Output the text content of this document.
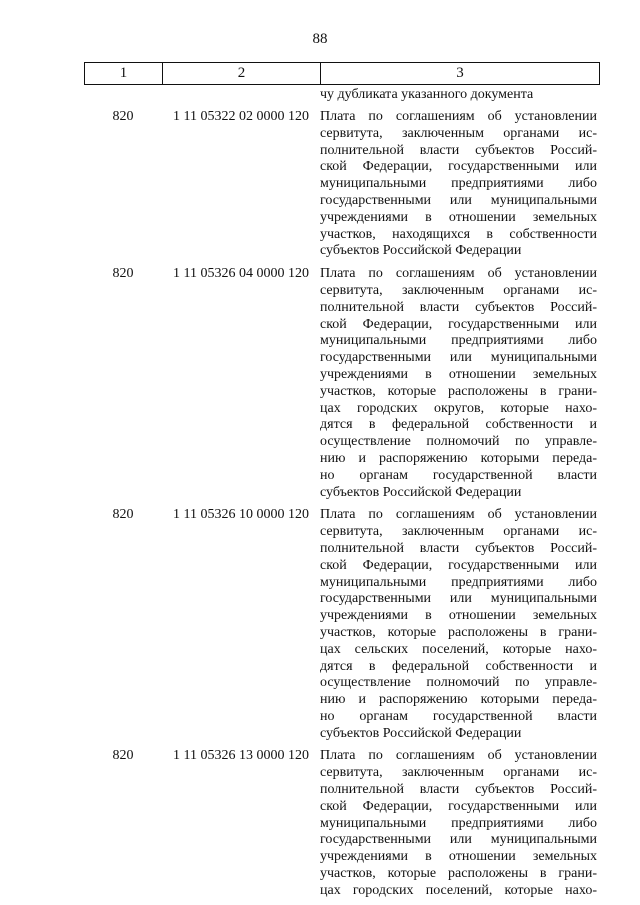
88
1	2	3
чу дубликата указанного документа
820	1 11 05322 02 0000 120 Плата по соглашениям об установлении
сервитута, заключенным органами ис-
полнительной власти субъектов Россий-
ской Федерации, государственными или
муниципальными предприятиями либо
государственными или муниципальными
учреждениями в отношении земельных
участков, находящихся в собственности
субъектов Российской Федерации
820	1 11 05326 04 0000 120 Плата по соглашениям об установлении
сервитута, заключенным органами ис-
полнительной власти субъектов Россий-
ской Федерации, государственными или
муниципальными предприятиями либо
государственными или муниципальными
учреждениями в отношении земельных
участков, которые расположены в грани-
цах городских округов, которые нахо-
дятся в федеральной собственности и
осуществление полномочий по управле-
нию и распоряжению которыми переда-
но органам государственной власти
субъектов Российской Федерации
820	1 11 05326 10 0000 120 Плата по соглашениям об установлении
сервитута, заключенным органами ис-
полнительной власти субъектов Россий-
ской Федерации, государственными или
муниципальными предприятиями либо
государственными или муниципальными
учреждениями в отношении земельных
участков, которые расположены в грани-
цах сельских поселений, которые нахо-
дятся в федеральной собственности и
осуществление полномочий по управле-
нию и распоряжению которыми переда-
но органам государственной власти
субъектов Российской Федерации
820	1 11 05326 13 0000 120 Плата по соглашениям об установлении
сервитута, заключенным органами ис-
полнительной власти субъектов Россий-
ской Федерации, государственными или
муниципальными предприятиями либо
государственными или муниципальными
учреждениями в отношении земельных
участков, которые расположены в грани-
цах городских поселений, которые нахо-
